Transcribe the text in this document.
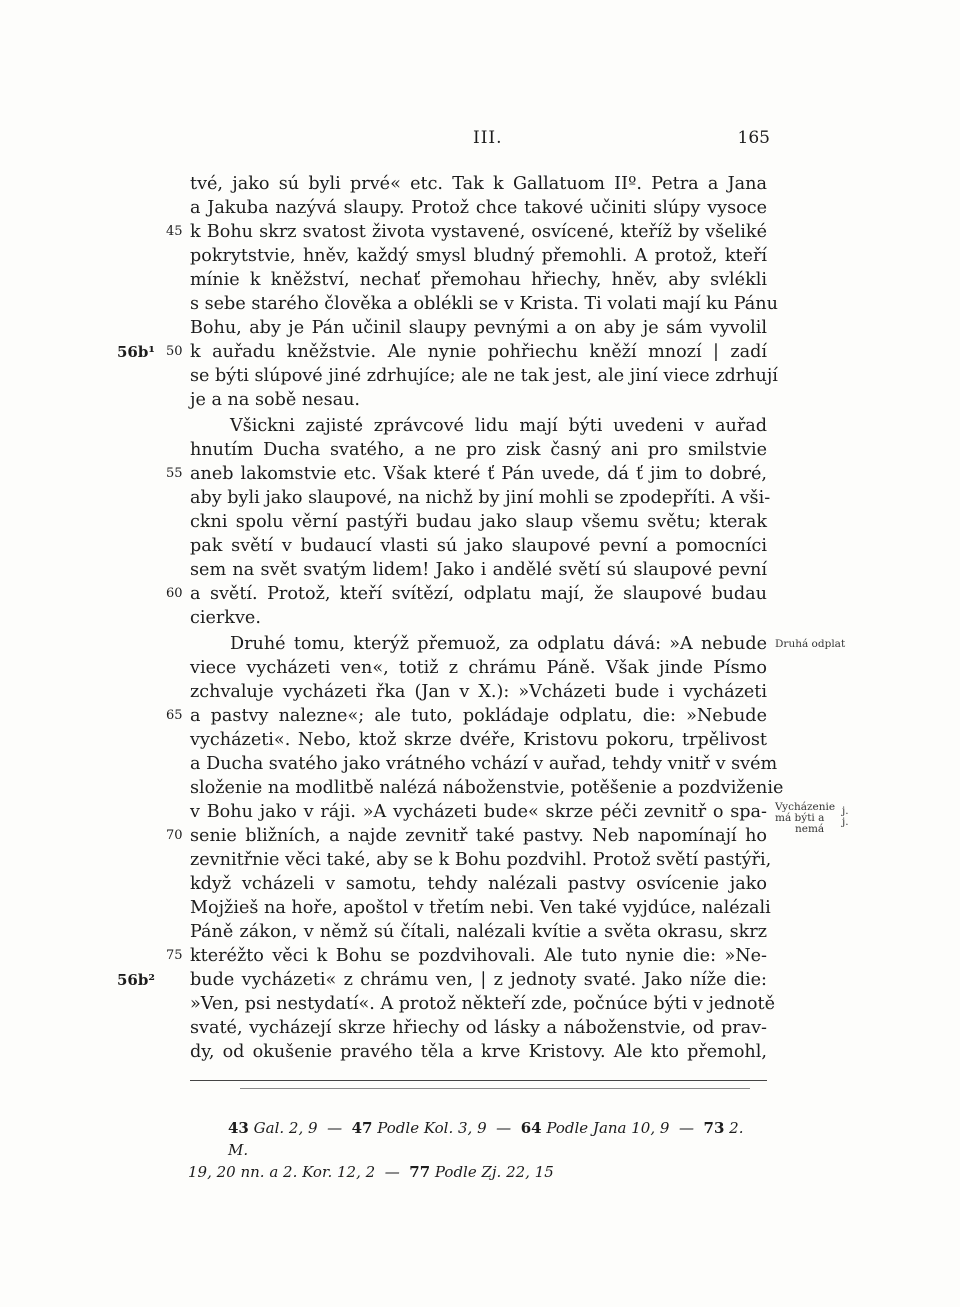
III.	165
tvé, jako sú byli prvé« etc. Tak k Gallatuom IIº. Petra a Jana
a Jakuba nazývá slaupy. Protož chce takové učiniti slúpy vysoce
k Bohu skrz svatost života vystavené, osvícené, kteříž by všeliké
pokrytstvie, hněv, každý smysl bludný přemohli. A protož, kteří
mínie k kněžství, nechať přemohau hřiechy, hněv, aby svlékli
s sebe starého člověka a oblékli se v Krista. Ti volati mají ku Pánu
Bohu, aby je Pán učinil slaupy pevnými a on aby je sám vyvolil
k auřadu kněžstvie. Ale nynie pohřiechu kněží mnozí | zadí
se býti slúpové jiné zdrhujíce; ale ne tak jest, ale jiní viece zdrhují
je a na sobě nesau.
Všickni zajisté zprávcové lidu mají býti uvedeni v auřad
hnutím Ducha svatého, a ne pro zisk časný ani pro smilstvie
aneb lakomstvie etc. Však které ť Pán uvede, dá ť jim to dobré,
aby byli jako slaupové, na nichž by jiní mohli se zpodepříti. A vši-
ckni spolu věrní pastýři budau jako slaup všemu světu; kterak
pak světí v budaucí vlasti sú jako slaupové pevní a pomocníci
sem na svět svatým lidem! Jako i andělé světí sú slaupové pevní
a světí. Protož, kteří svítězí, odplatu mají, že slaupové budau
cierkve.
Druhé tomu, kterýž přemuož, za odplatu dává: »A nebude
viece vycházeti ven«, totiž z chrámu Páně. Však jinde Písmo
zchvaluje vycházeti řka (Jan v X.): »Vcházeti bude i vycházeti
a pastvy nalezne«; ale tuto, pokládaje odplatu, die: »Nebude
vycházeti«. Nebo, ktož skrze dvéře, Kristovu pokoru, trpělivost
a Ducha svatého jako vrátného vchází v auřad, tehdy vnitř v svém
složenie na modlitbě nalézá náboženstvie, potěšenie a pozdviženie
v Bohu jako v ráji. »A vycházeti bude« skrze péči zevnitř o spa-
senie bližních, a najde zevnitř také pastvy. Neb napomínají ho
zevnitřnie věci také, aby se k Bohu pozdvihl. Protož světí pastýři,
když vcházeli v samotu, tehdy nalézali pastvy osvícenie jako
Mojžieš na hoře, apoštol v třetím nebi. Ven také vyjdúce, nalézali
Páně zákon, v němž sú čítali, nalézali kvítie a světa okrasu, skrz
kteréžto věci k Bohu se pozdvihovali. Ale tuto nynie die: »Ne-
bude vycházeti« z chrámu ven, | z jednoty svaté. Jako níže die:
»Ven, psi nestydatí«. A protož někteří zde, počnúce býti v jednotě
svaté, vycházejí skrze hřiechy od lásky a náboženstvie, od prav-
dy, od okušenie pravého těla a krve Kristovy. Ale kto přemohl,
45
50
55
60
65
70
75
56b¹
56b²
Druhá odplat
Vycházenie
má býti a
nemá
j. j.
43 Gal. 2, 9  —  47 Podle Kol. 3, 9  —  64 Podle Jana 10, 9  —  73 2. M.
19, 20 nn. a 2. Kor. 12, 2  —  77 Podle Zj. 22, 15
